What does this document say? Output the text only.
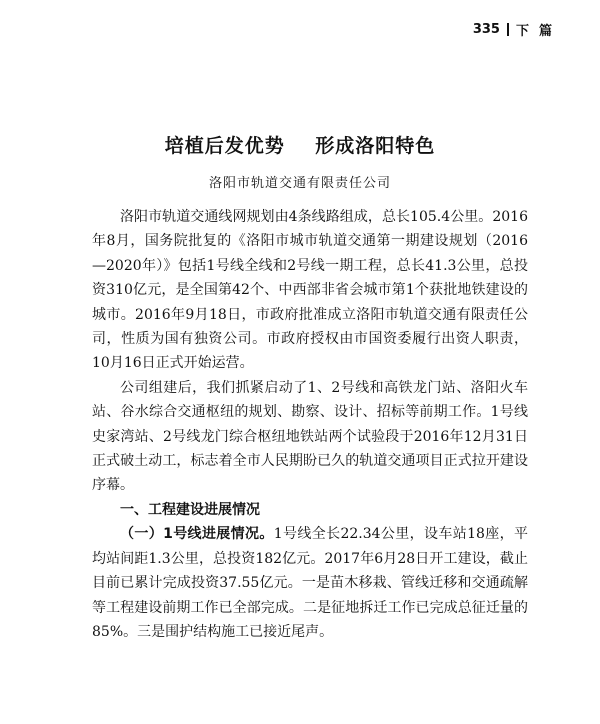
335 下篇
培植后发优势    形成洛阳特色
洛阳市轨道交通有限责任公司

洛阳市轨道交通线网规划由4条线路组成，总长105.4公里。2016年8月，国务院批复的《洛阳市城市轨道交通第一期建设规划（2016—2020年）》包括1号线全线和2号线一期工程，总长41.3公里，总投资310亿元，是全国第42个、中西部非省会城市第1个获批地铁建设的城市。2016年9月18日，市政府批准成立洛阳市轨道交通有限责任公司，性质为国有独资公司。市政府授权由市国资委履行出资人职责，10月16日正式开始运营。

公司组建后，我们抓紧启动了1、2号线和高铁龙门站、洛阳火车站、谷水综合交通枢纽的规划、勘察、设计、招标等前期工作。1号线史家湾站、2号线龙门综合枢纽地铁站两个试验段于2016年12月31日正式破土动工，标志着全市人民期盼已久的轨道交通项目正式拉开建设序幕。

一、工程建设进展情况

（一）1号线进展情况。1号线全长22.34公里，设车站18座，平均站间距1.3公里，总投资182亿元。2017年6月28日开工建设，截止目前已累计完成投资37.55亿元。一是苗木移栽、管线迁移和交通疏解等工程建设前期工作已全部完成。二是征地拆迁工作已完成总征迁量的85%。三是围护结构施工已接近尾声。
